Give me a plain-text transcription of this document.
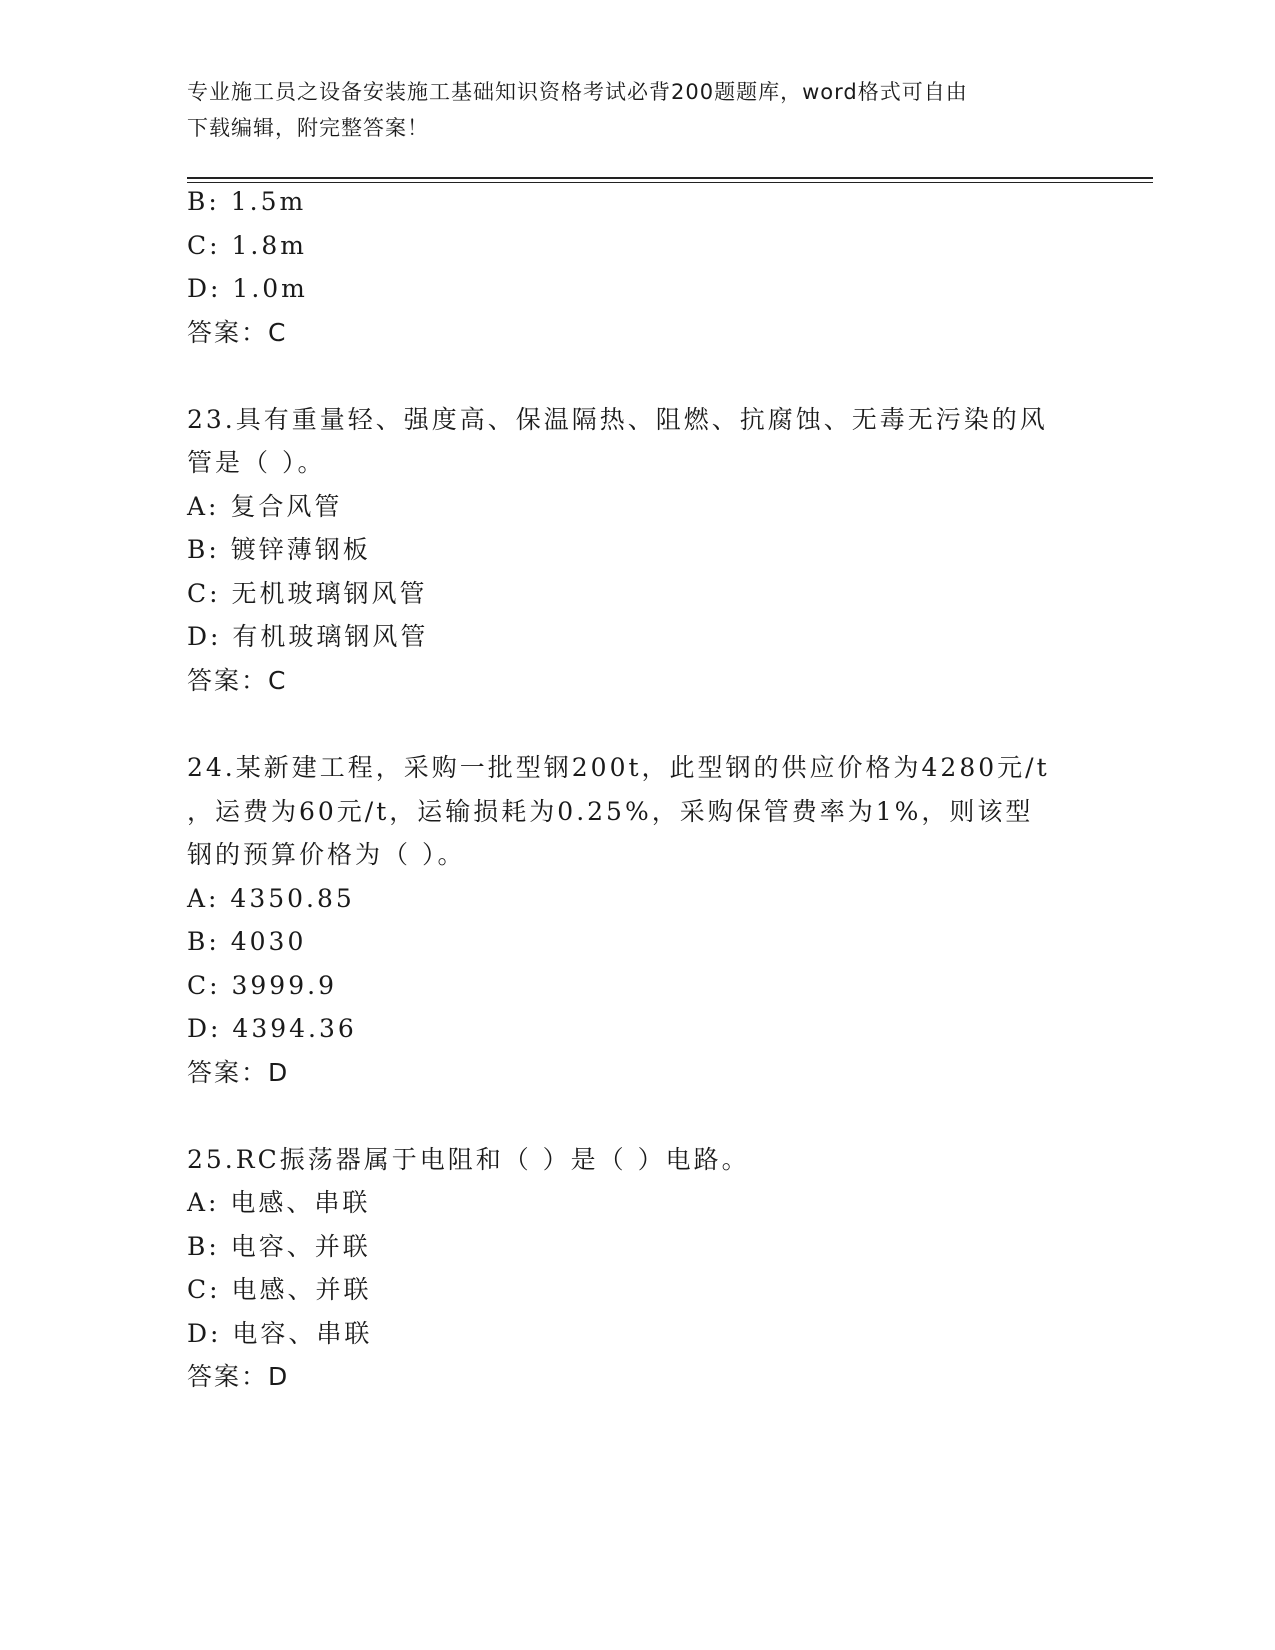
专业施工员之设备安装施工基础知识资格考试必背200题题库，word格式可自由
下载编辑，附完整答案！
B: 1.5m
C: 1.8m
D: 1.0m
答案：C
23.具有重量轻、强度高、保温隔热、阻燃、抗腐蚀、无毒无污染的风
管是（ ）。
A: 复合风管
B: 镀锌薄钢板
C: 无机玻璃钢风管
D: 有机玻璃钢风管
答案：C
24.某新建工程，采购一批型钢200t，此型钢的供应价格为4280元/t
，运费为60元/t，运输损耗为0.25%，采购保管费率为1%，则该型
钢的预算价格为（ ）。
A: 4350.85
B: 4030
C: 3999.9
D: 4394.36
答案：D
25.RC振荡器属于电阻和（ ）是（ ）电路。
A: 电感、串联
B: 电容、并联
C: 电感、并联
D: 电容、串联
答案：D
